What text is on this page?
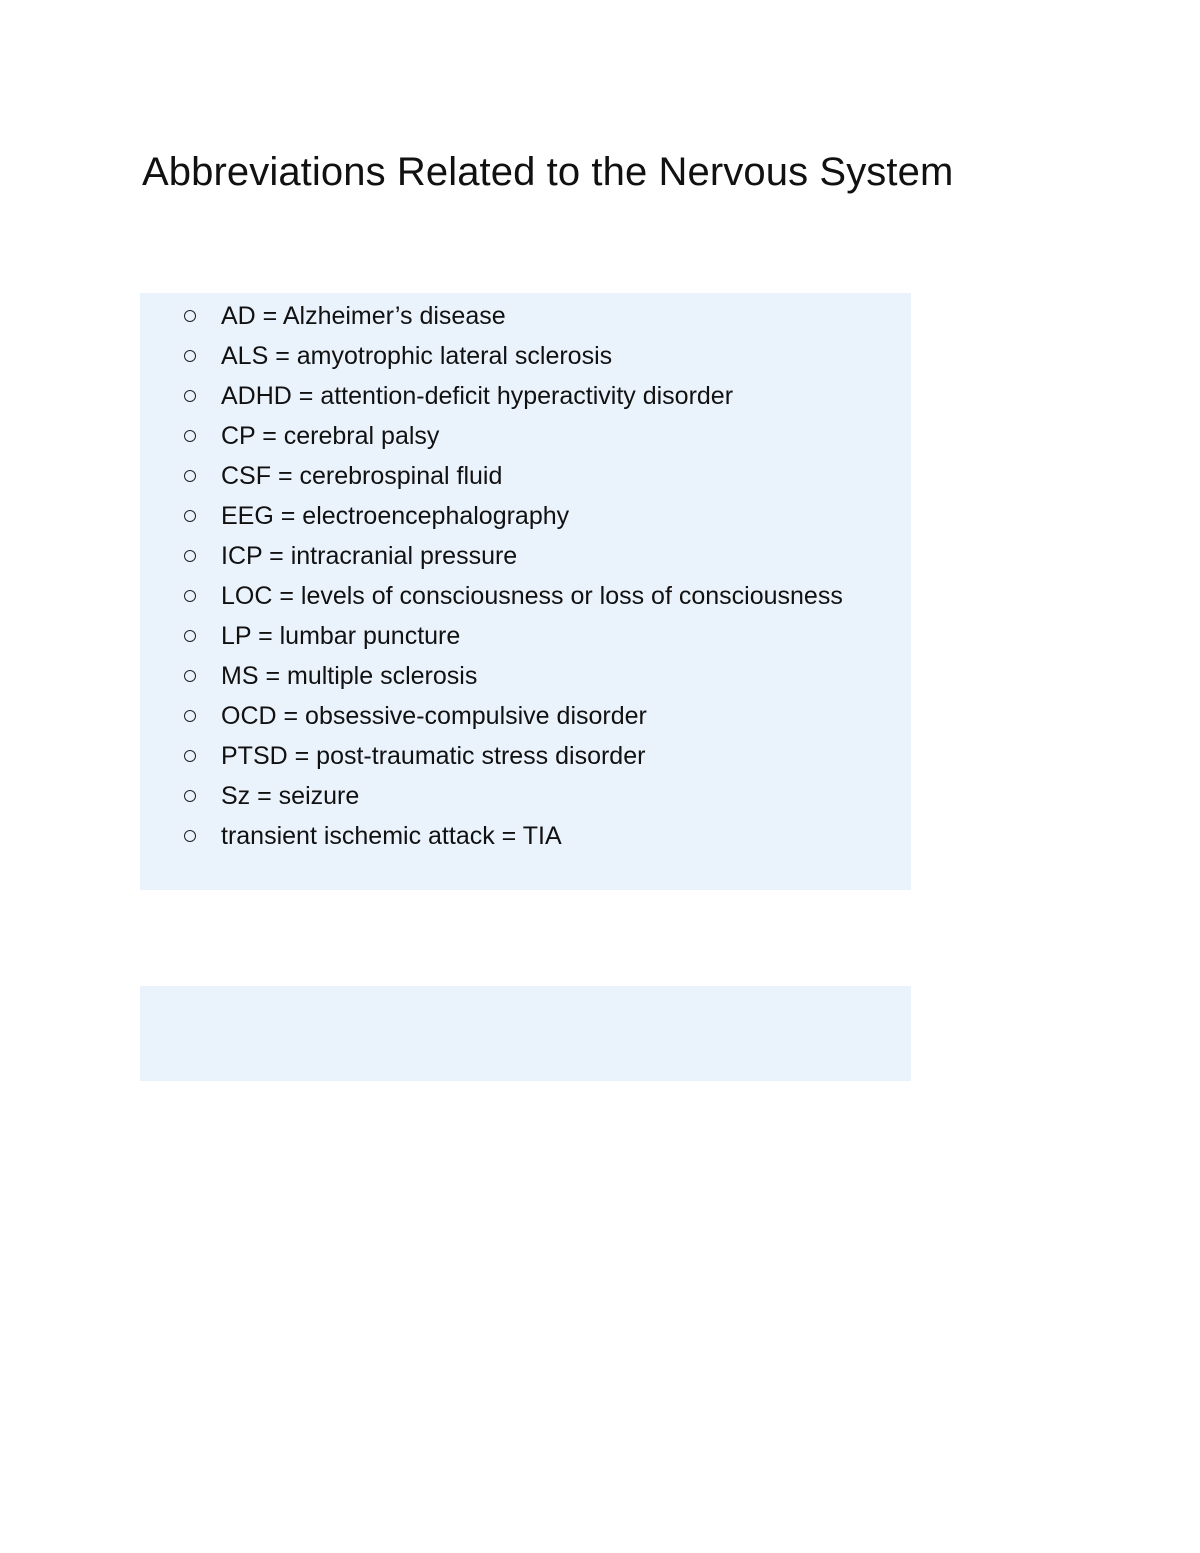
Abbreviations Related to the Nervous System
AD = Alzheimer’s disease
ALS = amyotrophic lateral sclerosis
ADHD = attention-deficit hyperactivity disorder
CP = cerebral palsy
CSF = cerebrospinal fluid
EEG = electroencephalography
ICP = intracranial pressure
LOC = levels of consciousness or loss of consciousness
LP = lumbar puncture
MS = multiple sclerosis
OCD = obsessive-compulsive disorder
PTSD = post-traumatic stress disorder
Sz = seizure
transient ischemic attack = TIA
